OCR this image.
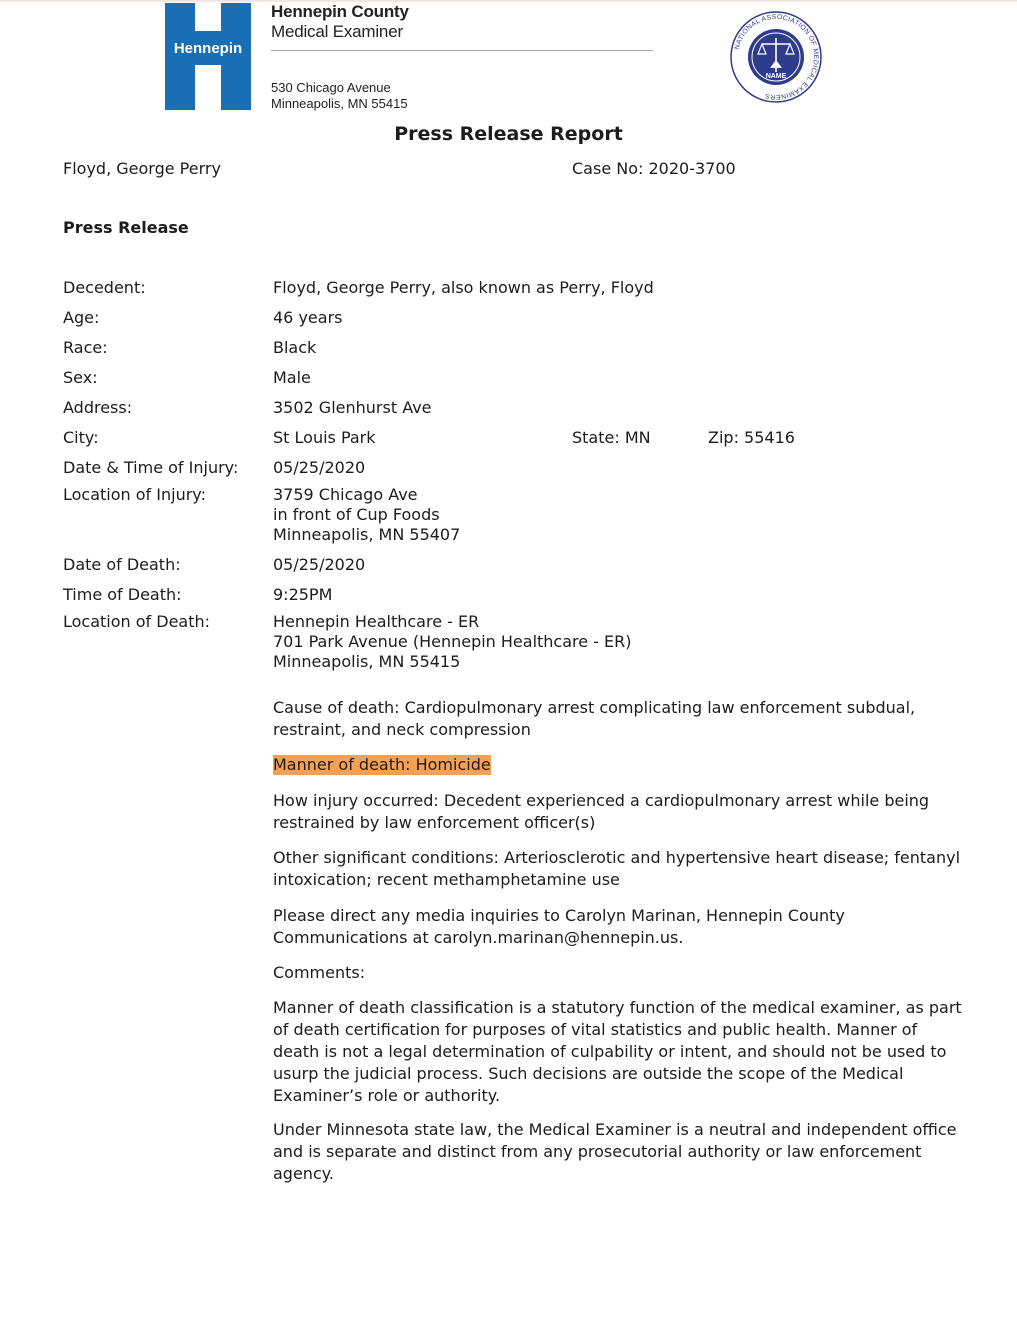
Hennepin
Hennepin County
Medical Examiner
530 Chicago Avenue
Minneapolis, MN 55415
NATIONAL ASSOCIATION OF MEDICAL EXAMINERS
NAME
Press Release Report
Floyd, George Perry	Case No: 2020-3700
Press Release
Decedent:	Floyd, George Perry, also known as Perry, Floyd
Age:	46 years
Race:	Black
Sex:	Male
Address:	3502 Glenhurst Ave
City:	St Louis Park	State: MN	Zip: 55416
Date & Time of Injury: 05/25/2020
Location of Injury:	3759 Chicago Ave
in front of Cup Foods
Minneapolis, MN 55407
Date of Death:	05/25/2020
Time of Death:	9:25PM
Location of Death:	Hennepin Healthcare - ER
701 Park Avenue (Hennepin Healthcare - ER)
Minneapolis, MN 55415
Cause of death: Cardiopulmonary arrest complicating law enforcement subdual, restraint, and neck compression
Manner of death: Homicide
How injury occurred: Decedent experienced a cardiopulmonary arrest while being restrained by law enforcement officer(s)
Other significant conditions: Arteriosclerotic and hypertensive heart disease; fentanyl intoxication; recent methamphetamine use
Please direct any media inquiries to Carolyn Marinan, Hennepin County Communications at carolyn.marinan@hennepin.us.
Comments:
Manner of death classification is a statutory function of the medical examiner, as part of death certification for purposes of vital statistics and public health. Manner of death is not a legal determination of culpability or intent, and should not be used to usurp the judicial process. Such decisions are outside the scope of the Medical Examiner’s role or authority.
Under Minnesota state law, the Medical Examiner is a neutral and independent office and is separate and distinct from any prosecutorial authority or law enforcement agency.
